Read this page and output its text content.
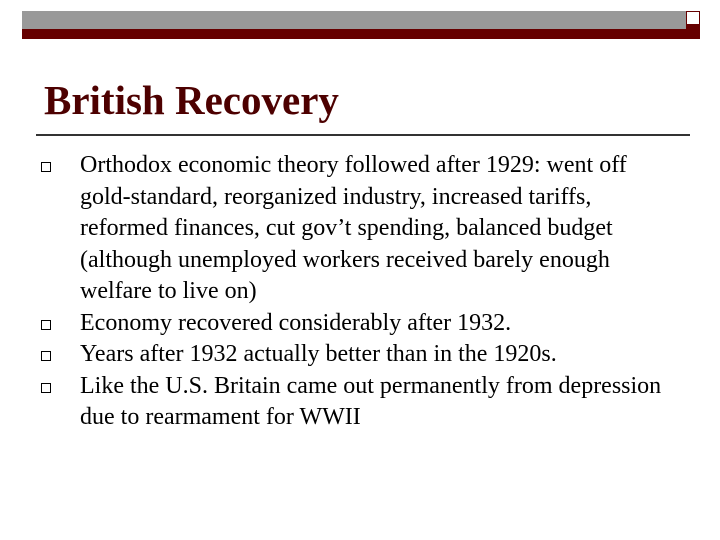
British Recovery
Orthodox economic theory followed after 1929: went off gold-standard, reorganized industry, increased tariffs, reformed finances, cut gov’t spending, balanced budget (although unemployed workers received barely enough welfare to live on)
Economy recovered considerably after 1932.
Years after 1932 actually better than in the 1920s.
Like the U.S. Britain came out permanently from depression due to rearmament for WWII
